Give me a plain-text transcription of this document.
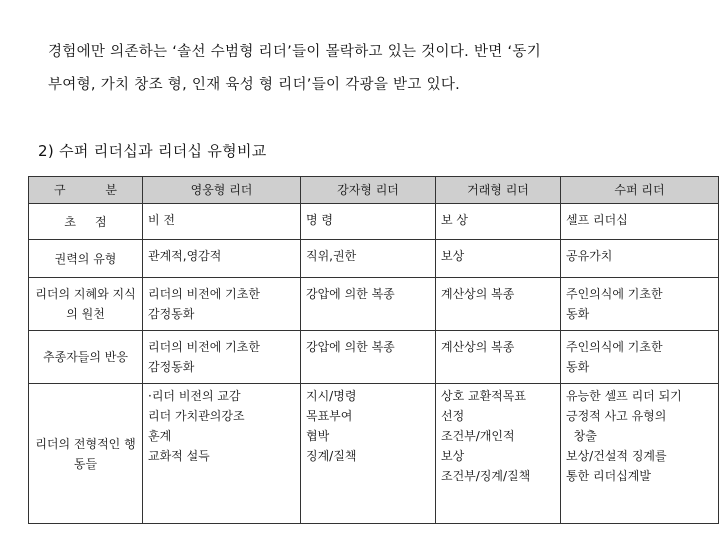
경험에만 의존하는 ‘솔선 수범형 리더’들이 몰락하고 있는 것이다. 반면 ‘동기
부여형, 가치 창조 형, 인재 육성 형 리더’들이 각광을 받고 있다.
2) 수퍼 리더십과 리더십 유형비교
구 분	영웅형 리더	강자형 리더	거래형 리더	수퍼 리더
초     점	비 전	명 령	보 상	셀프 리더십

권력의 유형	관계적,영감적	직위,권한	보상	공유가치

리더의 지혜와 지식의 원천	리더의 비전에 기초한
감정동화	강압에 의한 복종	계산상의 복종	주인의식에 기초한
동화

추종자들의 반응	리더의 비전에 기초한
감정동화	강압에 의한 복종	계산상의 복종	주인의식에 기초한
동화

리더의 전형적인 행동들	·리더 비전의 교감
리더 가치관의강조
훈계
교화적 설득	지시/명령
목표부여
협박
징계/질책	상호 교환적목표
선정
조건부/개인적
보상
조건부/징계/질책	유능한 셀프 리더 되기
긍정적 사고 유형의
창출
보상/건설적 징계를
통한 리더십계발
